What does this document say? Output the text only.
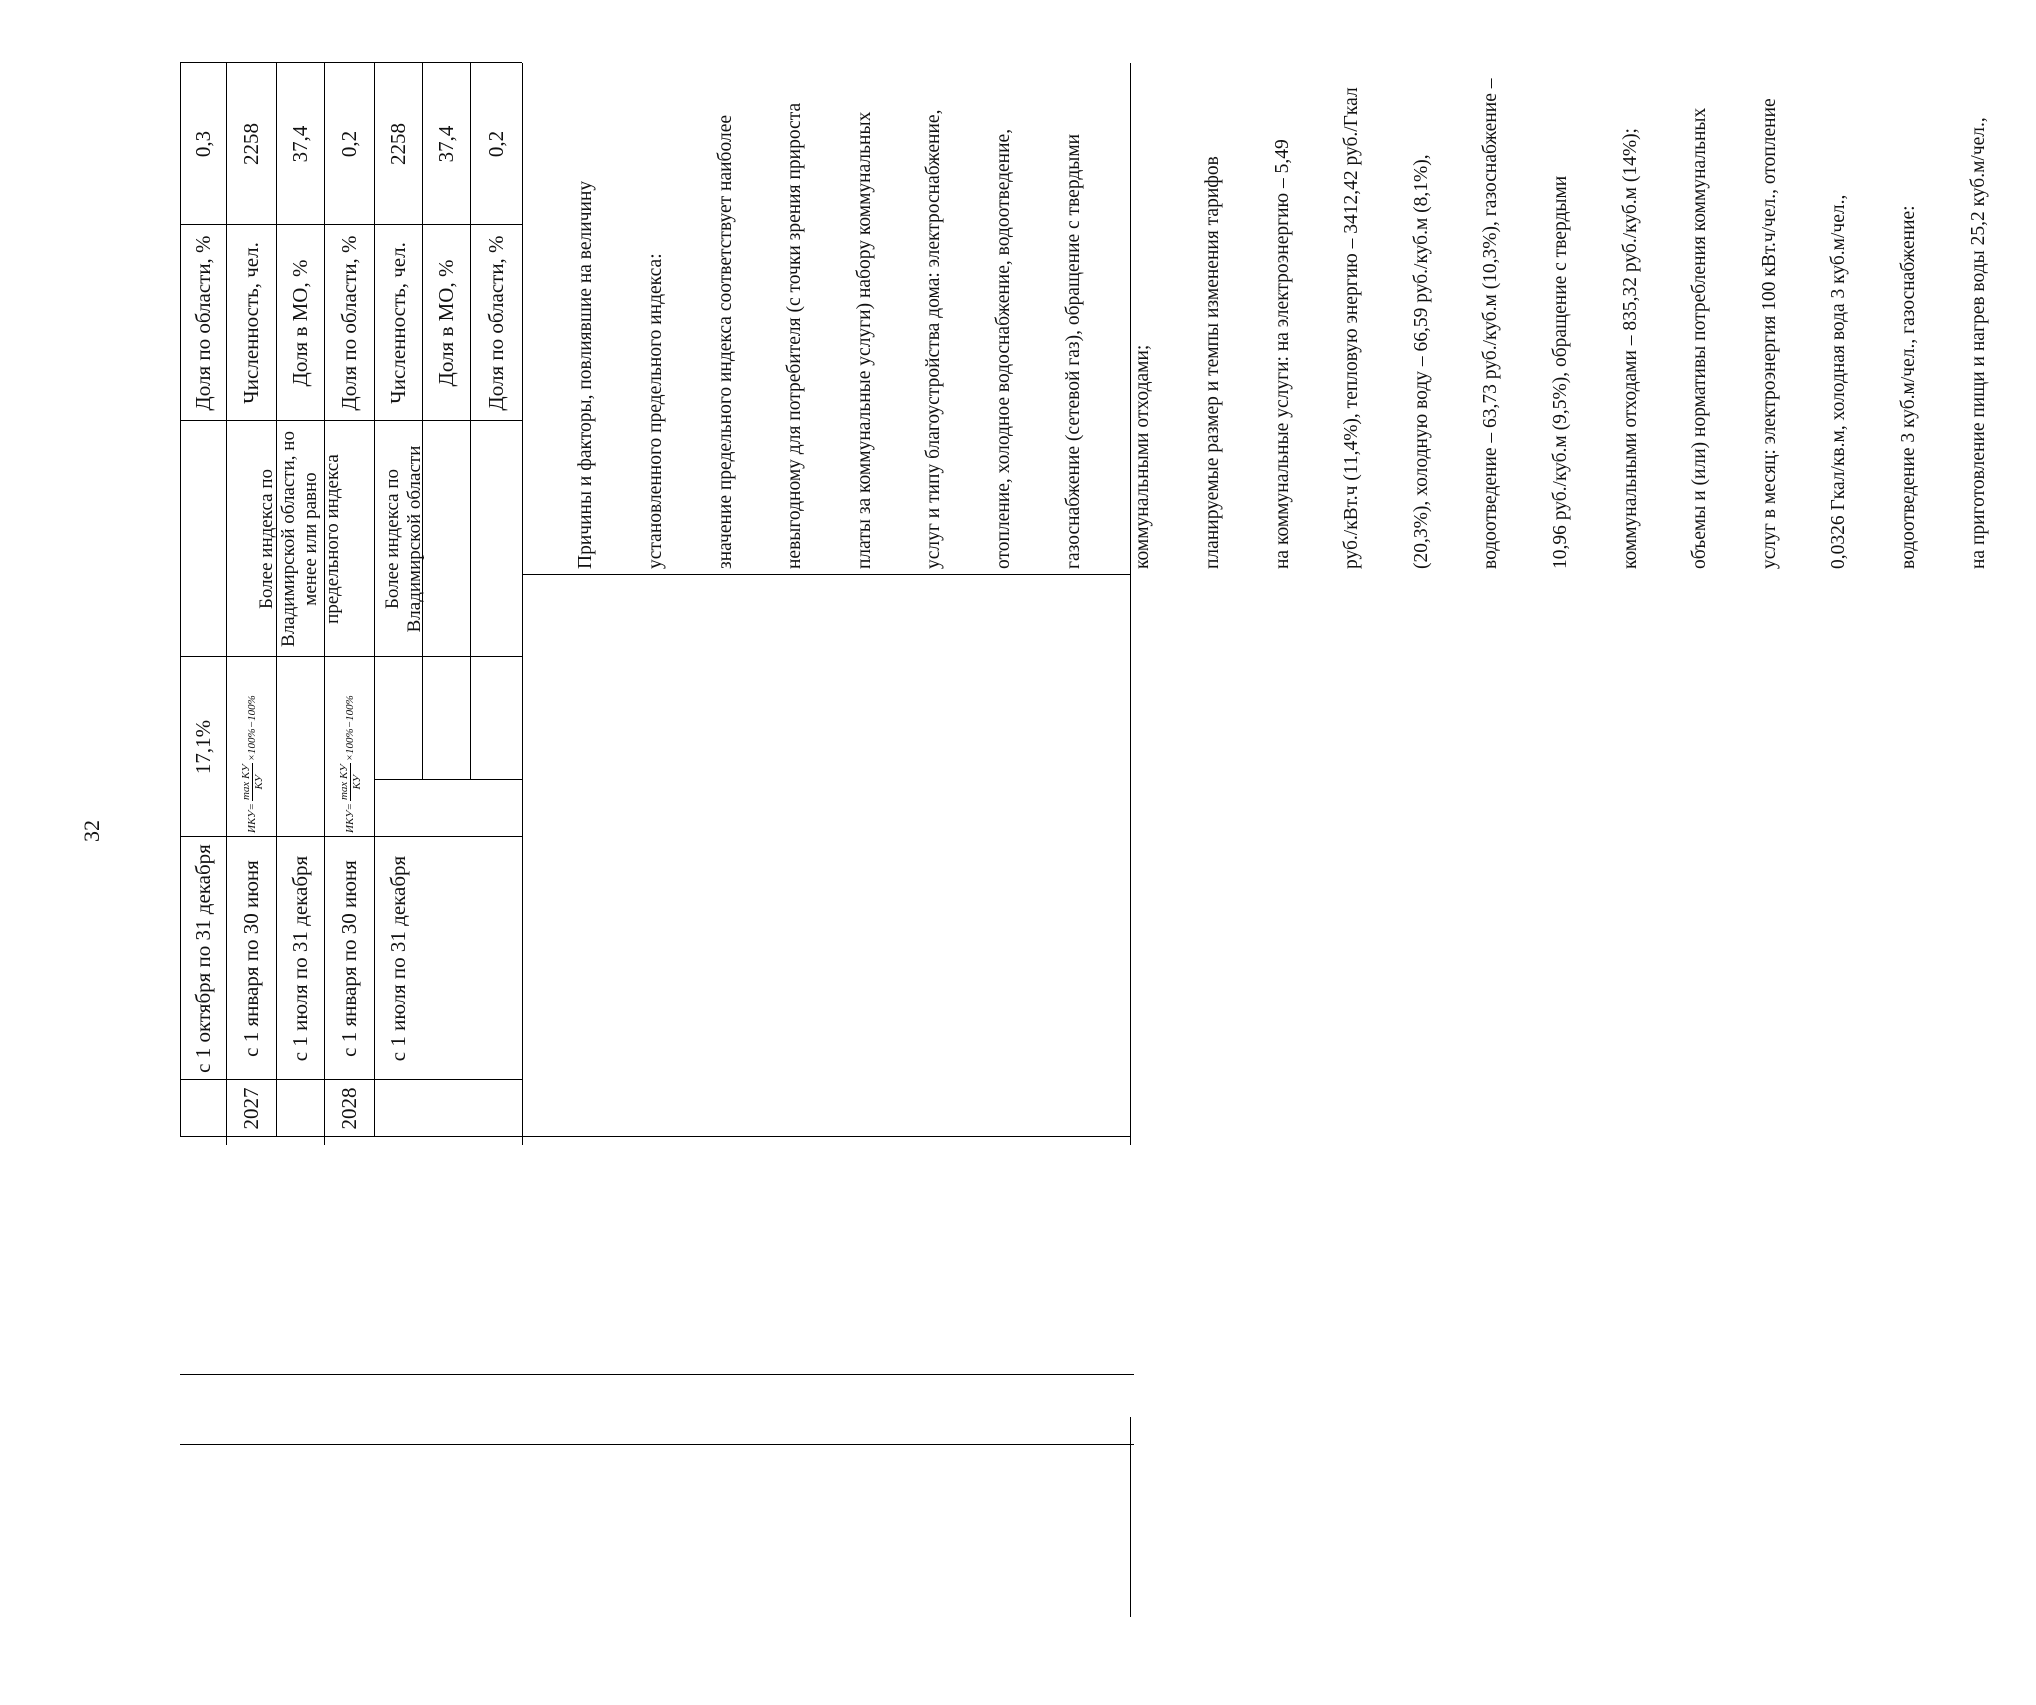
32
с 1 октября по 31 декабря
17,1%
2027
с 1 января по 30 июня
ИКУ
=
max КУ КУ
×100%−100%
с 1 июля по 31 декабря
2028
с 1 января по 30 июня
ИКУ
=
max КУ КУ
×100%−100%
с 1 июля по 31 декабря
Более индекса по Владимирской области, но менее или равно предельного индекса	Более индекса по Владимирской области
Доля по области, %
0,3
Численность, чел.
2258
Доля в МО, %
37,4
Доля по области, %
0,2
Численность, чел.
2258
Доля в МО, %
37,4
Доля по области, %
0,2

Причины и факторы, повлиявшие на величину

установленного предельного индекса:

значение предельного индекса соответствует наиболее

невыгодному для потребителя (с точки зрения прироста

платы за коммунальные услуги) набору коммунальных

услуг и типу благоустройства дома: электроснабжение,

отопление, холодное водоснабжение, водоотведение,

газоснабжение (сетевой газ), обращение с твердыми

коммунальными отходами;

планируемые размер и темпы изменения тарифов

на коммунальные услуги: на электроэнергию – 5,49

руб./кВт.ч (11,4%), тепловую энергию – 3412,42 руб./Гкал

(20,3%), холодную воду – 66,59 руб./куб.м (8,1%),

водоотведение – 63,73 руб./куб.м (10,3%), газоснабжение –

10,96 руб./куб.м (9,5%), обращение с твердыми

коммунальными отходами – 835,32 руб./куб.м (14%);

объемы и (или) нормативы потребления коммунальных

услуг в месяц: электроэнергия 100 кВт.ч/чел., отопление

0,0326 Гкал/кв.м, холодная вода 3 куб.м/чел.,

водоотведение 3 куб.м/чел., газоснабжение:

на приготовление пищи и нагрев воды 25,2 куб.м/чел.,
